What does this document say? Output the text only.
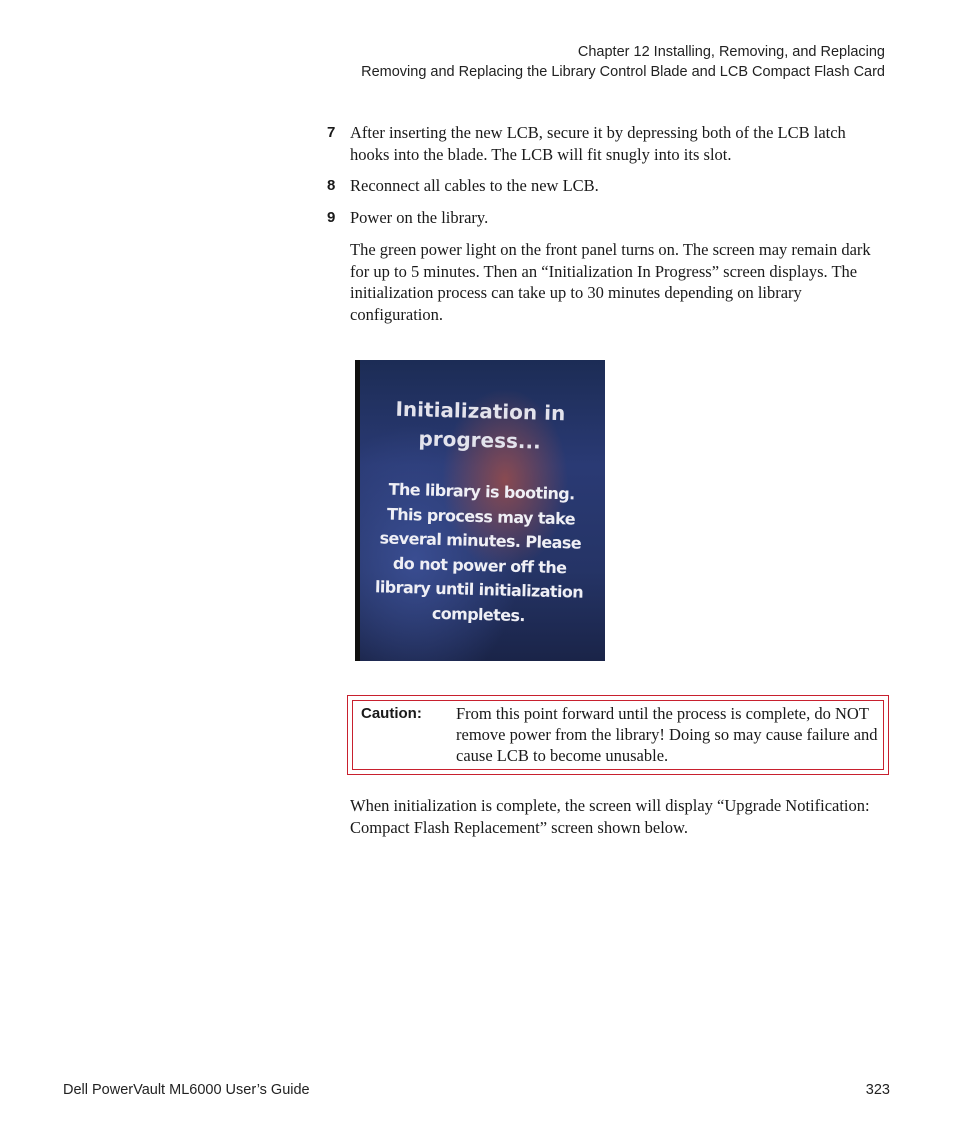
Chapter 12 Installing, Removing, and Replacing
Removing and Replacing the Library Control Blade and LCB Compact Flash Card
7 After inserting the new LCB, secure it by depressing both of the LCB latch hooks into the blade. The LCB will fit snugly into its slot.
8 Reconnect all cables to the new LCB.
9 Power on the library.
The green power light on the front panel turns on. The screen may remain dark for up to 5 minutes. Then an “Initialization In Progress” screen displays. The initialization process can take up to 30 minutes depending on library configuration.
Initialization in
progress...
The library is booting.
This process may take
several minutes. Please
do not power off the
library until initialization
completes.
Caution: From this point forward until the process is complete, do NOT remove power from the library! Doing so may cause failure and cause LCB to become unusable.
When initialization is complete, the screen will display “Upgrade Notification: Compact Flash Replacement” screen shown below.
Dell PowerVault ML6000 User’s Guide	323
